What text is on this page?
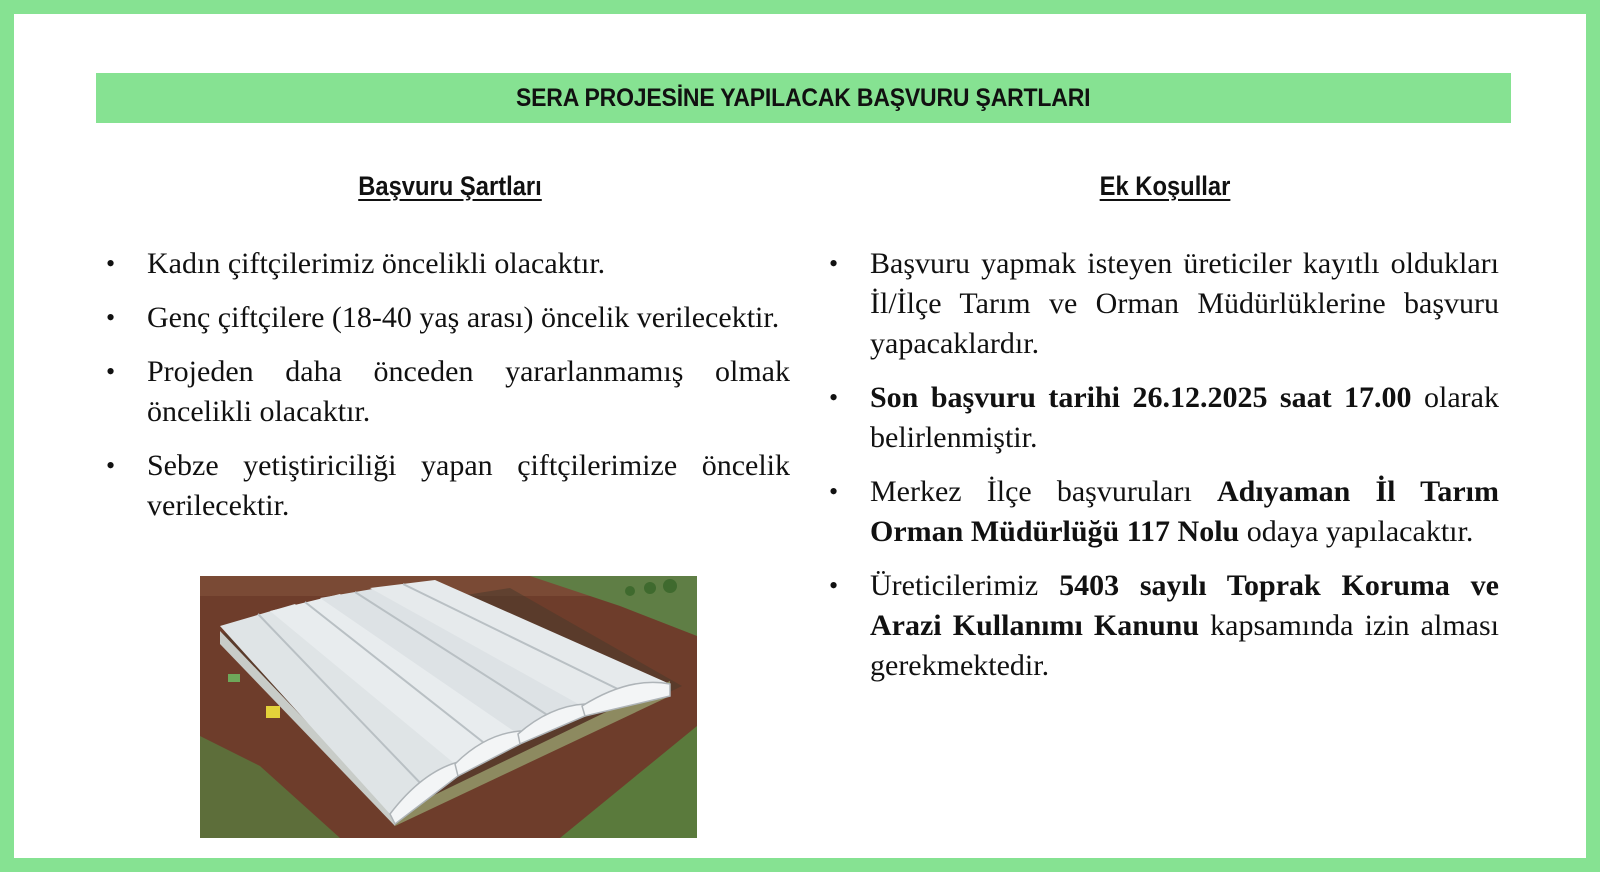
SERA PROJESİNE YAPILACAK BAŞVURU ŞARTLARI
Başvuru Şartları	Ek Koşullar
• Kadın çiftçilerimiz öncelikli olacaktır.
• Genç çiftçilere (18-40 yaş arası) öncelik verilecektir.
• Projeden daha önceden yararlanmamış olmak öncelikli olacaktır.
• Sebze yetiştiriciliği yapan çiftçilerimize öncelik verilecektir.
• Başvuru yapmak isteyen üreticiler kayıtlı oldukları İl/İlçe Tarım ve Orman Müdürlüklerine başvuru yapacaklardır.
• Son başvuru tarihi 26.12.2025 saat 17.00 olarak belirlenmiştir.
• Merkez İlçe başvuruları Adıyaman İl Tarım Orman Müdürlüğü 117 Nolu odaya yapılacaktır.
• Üreticilerimiz 5403 sayılı Toprak Koruma ve Arazi Kullanımı Kanunu kapsamında izin alması gerekmektedir.
